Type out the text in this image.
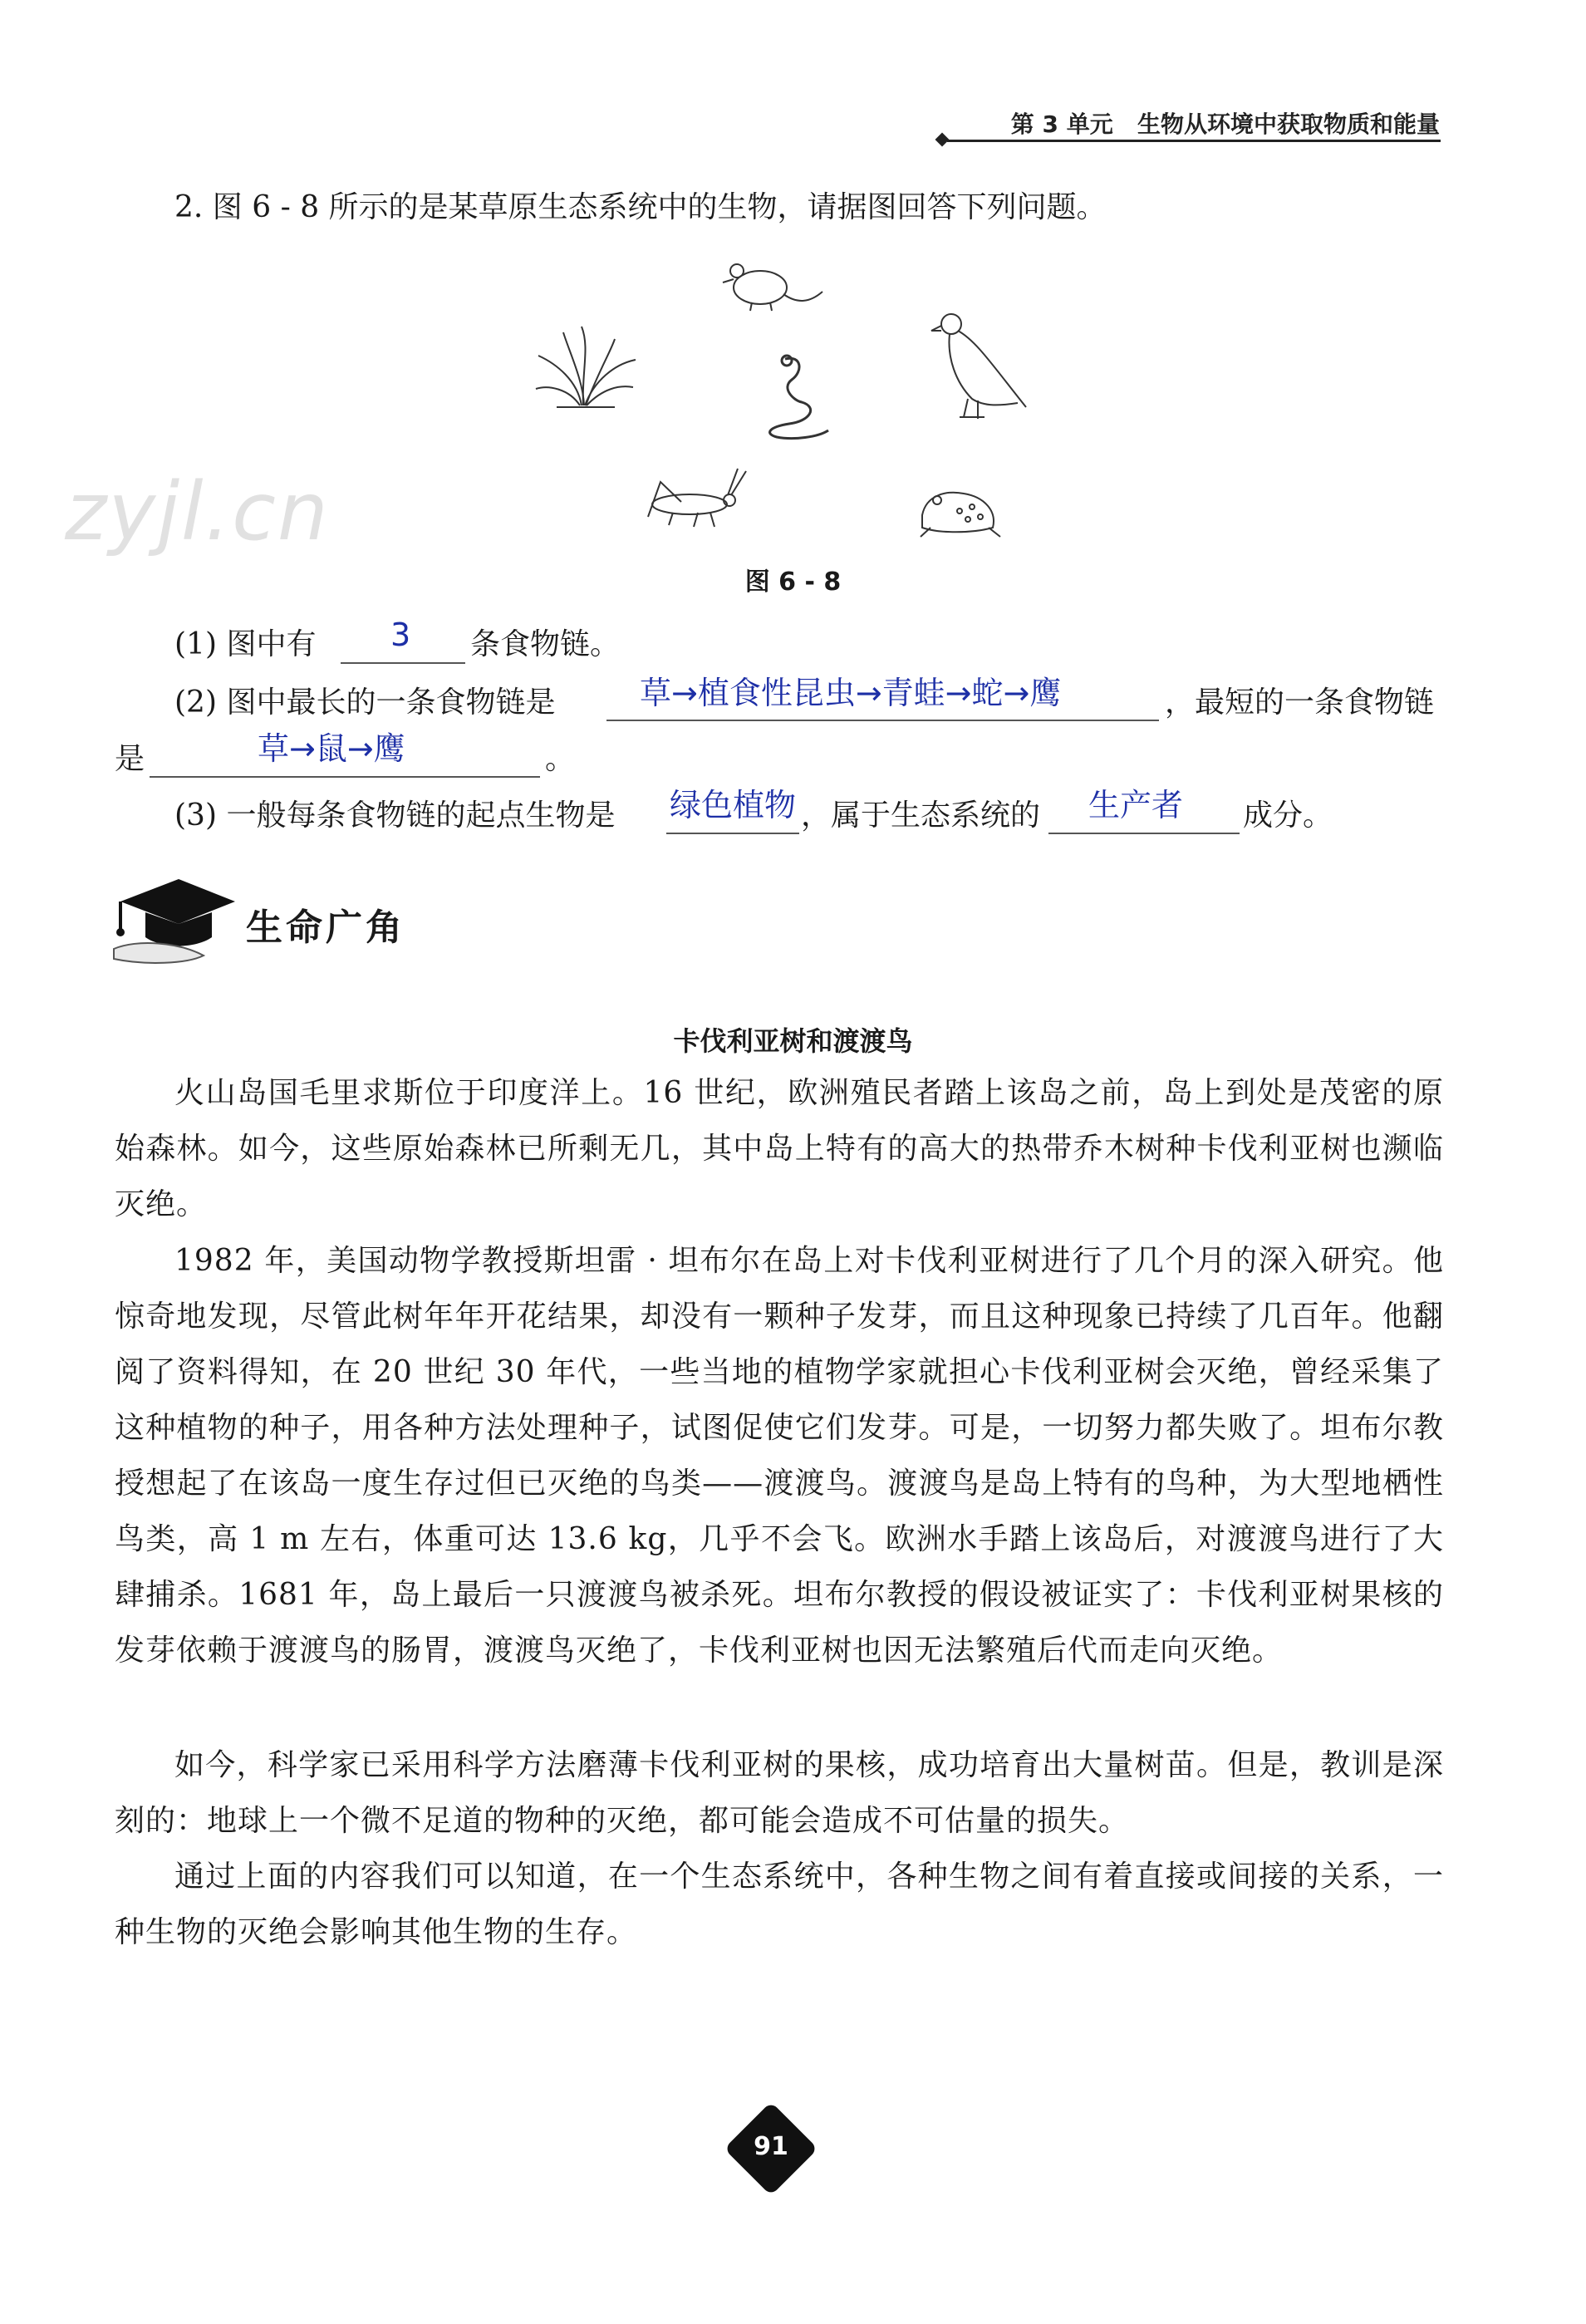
第 3 单元 生物从环境中获取物质和能量
zyjl.cn
2. 图 6 - 8 所示的是某草原生态系统中的生物，请据图回答下列问题。
图 6 - 8
(1) 图中有 3 条食物链。
(2) 图中最长的一条食物链是	草→植食性昆虫→青蛙→蛇→鹰	，最短的一条食物链
是	草→鼠→鹰	。
(3) 一般每条食物链的起点生物是 绿色植物 ，属于生态系统的 生产者 成分。
生命广角
卡伐利亚树和渡渡鸟

火山岛国毛里求斯位于印度洋上。16 世纪，欧洲殖民者踏上该岛之前，岛上到处是茂密的原始森林。如今，这些原始森林已所剩无几，其中岛上特有的高大的热带乔木树种卡伐利亚树也濒临灭绝。

1982 年，美国动物学教授斯坦雷 · 坦布尔在岛上对卡伐利亚树进行了几个月的深入研究。他惊奇地发现，尽管此树年年开花结果，却没有一颗种子发芽，而且这种现象已持续了几百年。他翻阅了资料得知，在 20 世纪 30 年代，一些当地的植物学家就担心卡伐利亚树会灭绝，曾经采集了这种植物的种子，用各种方法处理种子，试图促使它们发芽。可是，一切努力都失败了。坦布尔教授想起了在该岛一度生存过但已灭绝的鸟类——渡渡鸟。渡渡鸟是岛上特有的鸟种，为大型地栖性鸟类，高 1 m 左右，体重可达 13.6 kg，几乎不会飞。欧洲水手踏上该岛后，对渡渡鸟进行了大肆捕杀。1681 年，岛上最后一只渡渡鸟被杀死。坦布尔教授的假设被证实了：卡伐利亚树果核的发芽依赖于渡渡鸟的肠胃，渡渡鸟灭绝了，卡伐利亚树也因无法繁殖后代而走向灭绝。

如今，科学家已采用科学方法磨薄卡伐利亚树的果核，成功培育出大量树苗。但是，教训是深刻的：地球上一个微不足道的物种的灭绝，都可能会造成不可估量的损失。

通过上面的内容我们可以知道，在一个生态系统中，各种生物之间有着直接或间接的关系，一种生物的灭绝会影响其他生物的生存。

91
